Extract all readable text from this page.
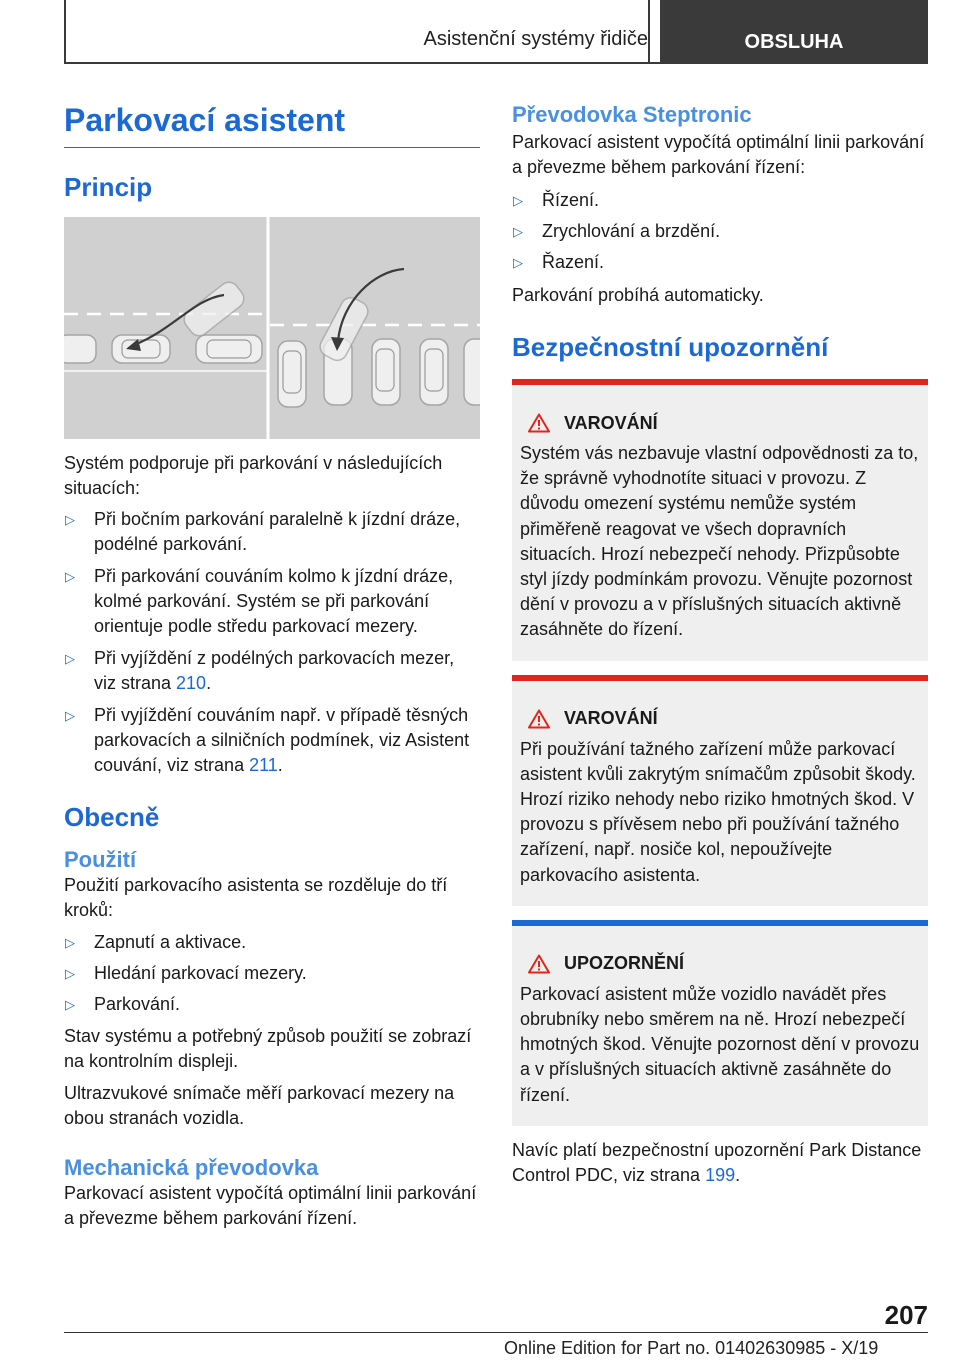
Asistenční systémy řidiče	OBSLUHA
Parkovací asistent
Princip

Systém podporuje při parkování v následujících situacích:

▷ Při bočním parkování paralelně k jízdní dráze, podélné parkování.
▷ Při parkování couváním kolmo k jízdní dráze, kolmé parkování. Systém se při parkování orientuje podle středu parkovací mezery.
▷ Při vyjíždění z podélných parkovacích mezer, viz strana 210.
▷ Při vyjíždění couváním např. v případě těsných parkovacích a silničních podmínek, viz Asistent couvání, viz strana 211.
Obecně
Použití

Použití parkovacího asistenta se rozděluje do tří kroků:

▷ Zapnutí a aktivace.
▷ Hledání parkovací mezery.
▷ Parkování.

Stav systému a potřebný způsob použití se zobrazí na kontrolním displeji.

Ultrazvukové snímače měří parkovací mezery na obou stranách vozidla.

Mechanická převodovka

Parkovací asistent vypočítá optimální linii parkování a převezme během parkování řízení.

Převodovka Steptronic

Parkovací asistent vypočítá optimální linii parkování a převezme během parkování řízení:

▷ Řízení.
▷ Zrychlování a brzdění.
▷ Řazení.

Parkování probíhá automaticky.

Bezpečnostní upozornění
VAROVÁNÍ

Systém vás nezbavuje vlastní odpovědnosti za to, že správně vyhodnotíte situaci v provozu. Z důvodu omezení systému nemůže systém přiměřeně reagovat ve všech dopravních situacích. Hrozí nebezpečí nehody. Přizpůsobte styl jízdy podmínkám provozu. Věnujte pozornost dění v provozu a v příslušných situacích aktivně zasáhněte do řízení.

VAROVÁNÍ

Při používání tažného zařízení může parkovací asistent kvůli zakrytým snímačům způsobit škody. Hrozí riziko nehody nebo riziko hmotných škod. V provozu s přívěsem nebo při používání tažného zařízení, např. nosiče kol, nepoužívejte parkovacího asistenta.

UPOZORNĚNÍ

Parkovací asistent může vozidlo navádět přes obrubníky nebo směrem na ně. Hrozí nebezpečí hmotných škod. Věnujte pozornost dění v provozu a v příslušných situacích aktivně zasáhněte do řízení.

Navíc platí bezpečnostní upozornění Park Distance Control PDC, viz strana 199.

207
Online Edition for Part no. 01402630985 - X/19
